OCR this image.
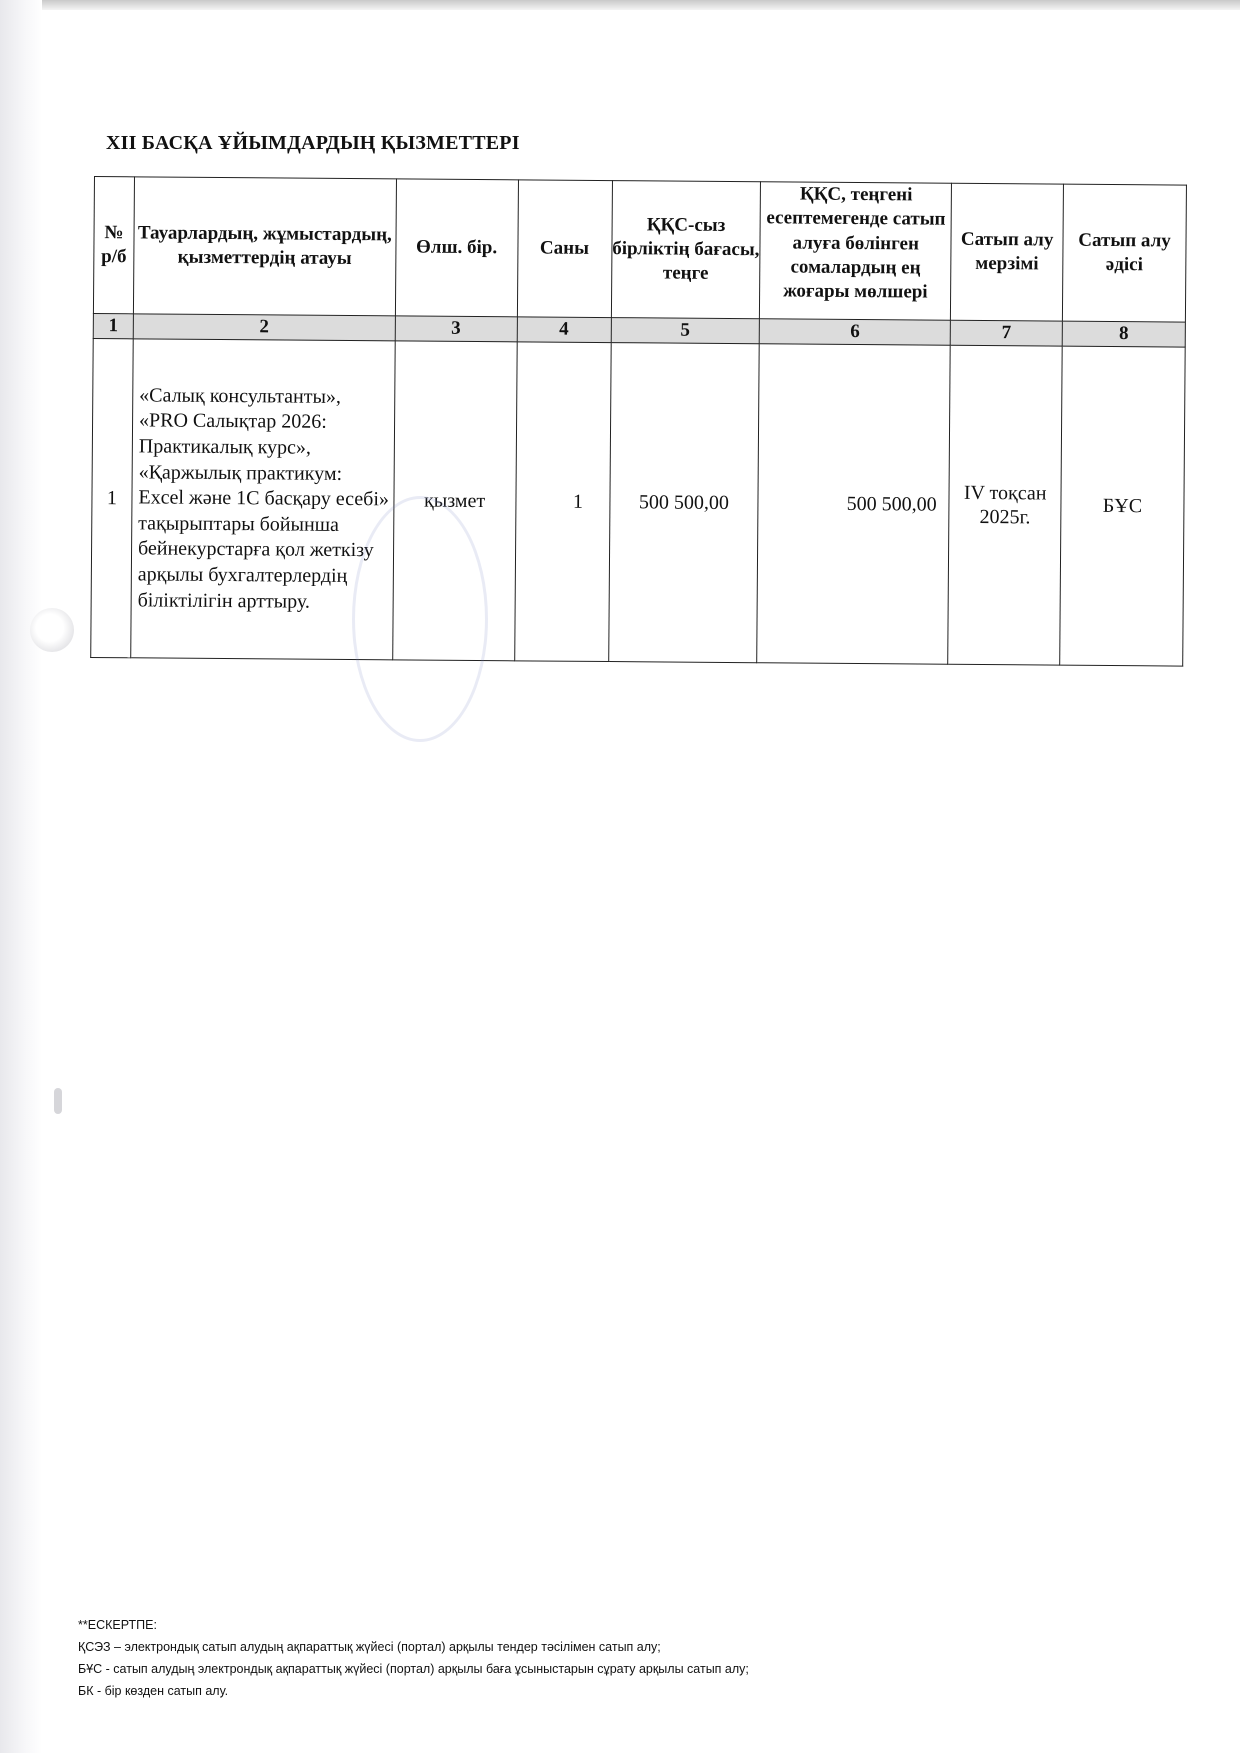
XII БАСҚА ҰЙЫМДАРДЫҢ ҚЫЗМЕТТЕРІ
№ р/б	Тауарлардың, жұмыстардың, қызметтердің атауы	Өлш. бір.	Саны	ҚҚС-сыз бірліктің бағасы, теңге	ҚҚС, теңгені есептемегенде сатып алуға бөлінген сомалардың ең жоғары мөлшері	Сатып алу мерзімі	Сатып алу әдісі
1	2	3	4	5	6	7	8
1	«Салық консультанты», «PRO Салықтар 2026: Практикалық курс», «Қаржылық практикум: Excel және 1С басқару есебі» тақырыптары бойынша бейнекурстарға қол жеткізу арқылы бухгалтерлердің біліктілігін арттыру.	қызмет	1	500 500,00	500 500,00	IV тоқсан 2025г.	БҰС
**ЕСКЕРТПЕ:
ҚСЭЗ – электрондық сатып алудың ақпараттық жүйесі (портал) арқылы тендер тәсілімен сатып алу;
БҰС - сатып алудың электрондық ақпараттық жүйесі (портал) арқылы баға ұсыныстарын сұрату арқылы сатып алу;
БК - бір көзден сатып алу.
